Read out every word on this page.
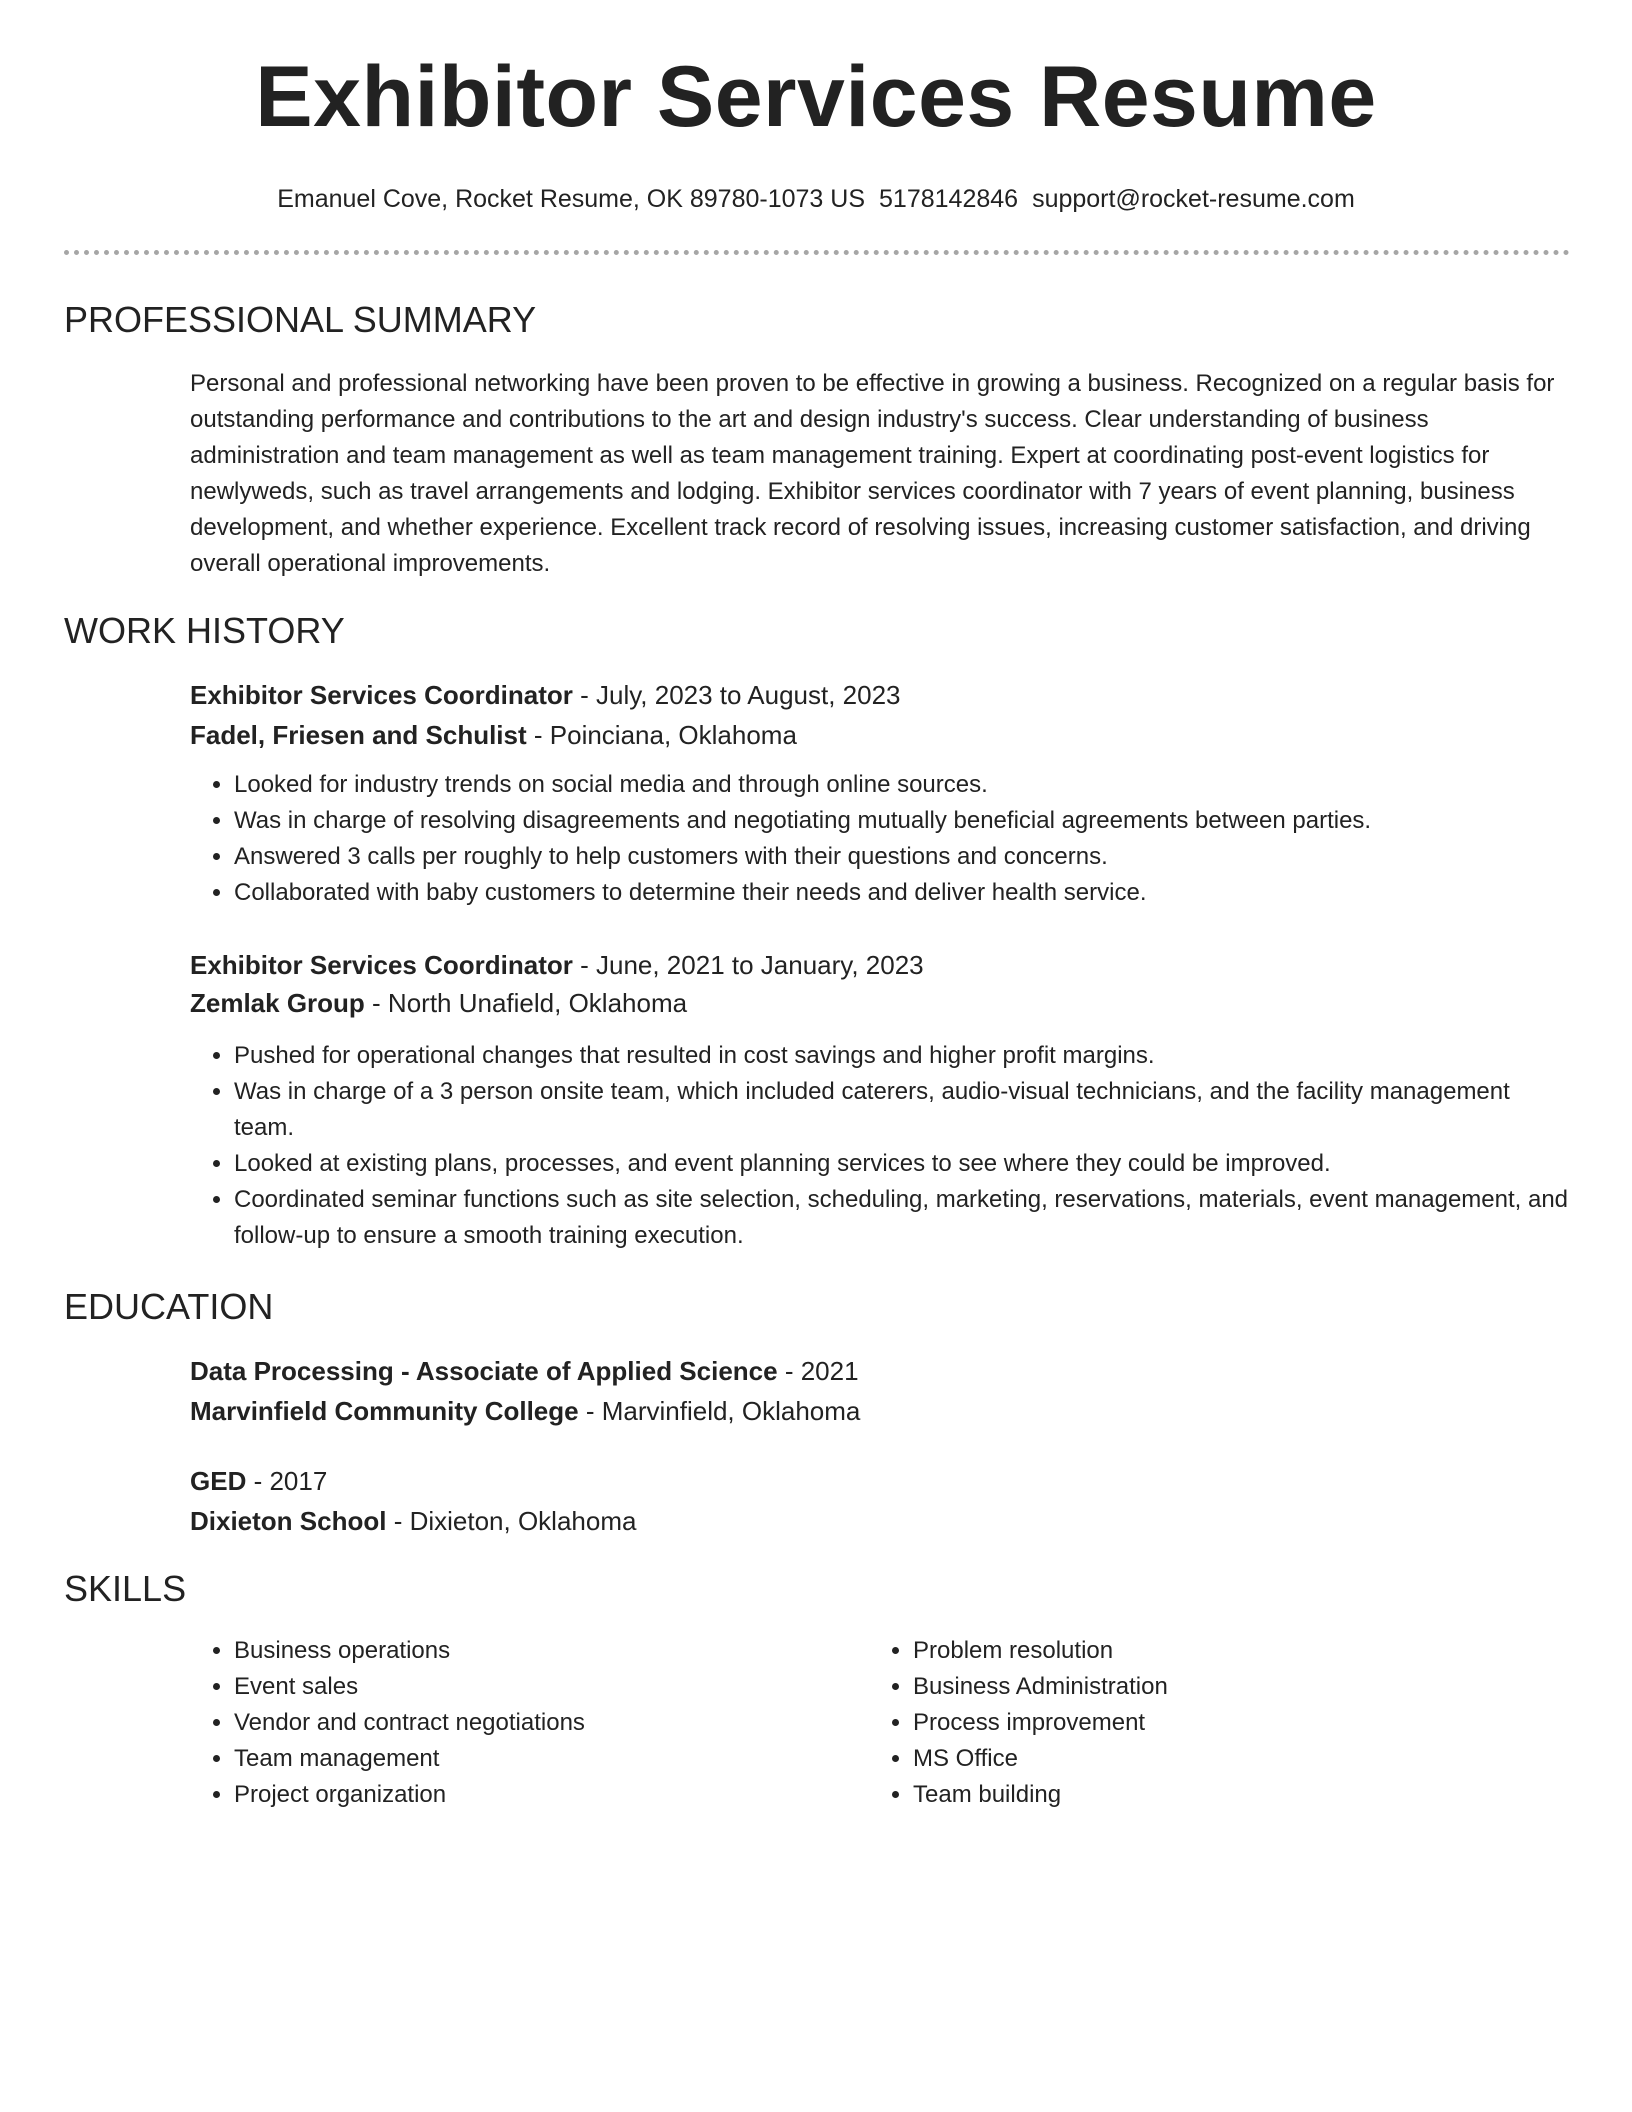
Exhibitor Services Resume
Emanuel Cove, Rocket Resume, OK 89780-1073 US 5178142846 support@rocket-resume.com
PROFESSIONAL SUMMARY

Personal and professional networking have been proven to be effective in growing a business. Recognized on a regular basis for outstanding performance and contributions to the art and design industry's success. Clear understanding of business administration and team management as well as team management training. Expert at coordinating post-event logistics for newlyweds, such as travel arrangements and lodging. Exhibitor services coordinator with 7 years of event planning, business development, and whether experience. Excellent track record of resolving issues, increasing customer satisfaction, and driving overall operational improvements.

WORK HISTORY

Exhibitor Services Coordinator - July, 2023 to August, 2023

Fadel, Friesen and Schulist - Poinciana, Oklahoma

• Looked for industry trends on social media and through online sources.
• Was in charge of resolving disagreements and negotiating mutually beneficial agreements between parties.
• Answered 3 calls per roughly to help customers with their questions and concerns.
• Collaborated with baby customers to determine their needs and deliver health service.

Exhibitor Services Coordinator - June, 2021 to January, 2023

Zemlak Group - North Unafield, Oklahoma

• Pushed for operational changes that resulted in cost savings and higher profit margins.
• Was in charge of a 3 person onsite team, which included caterers, audio-visual technicians, and the facility management team.
• Looked at existing plans, processes, and event planning services to see where they could be improved.
• Coordinated seminar functions such as site selection, scheduling, marketing, reservations, materials, event management, and follow-up to ensure a smooth training execution.
EDUCATION

Data Processing - Associate of Applied Science - 2021

Marvinfield Community College - Marvinfield, Oklahoma

GED - 2017

Dixieton School - Dixieton, Oklahoma

SKILLS
• Business operations
• Event sales
• Vendor and contract negotiations
• Team management
• Project organization
• Problem resolution
• Business Administration
• Process improvement
• MS Office
• Team building
